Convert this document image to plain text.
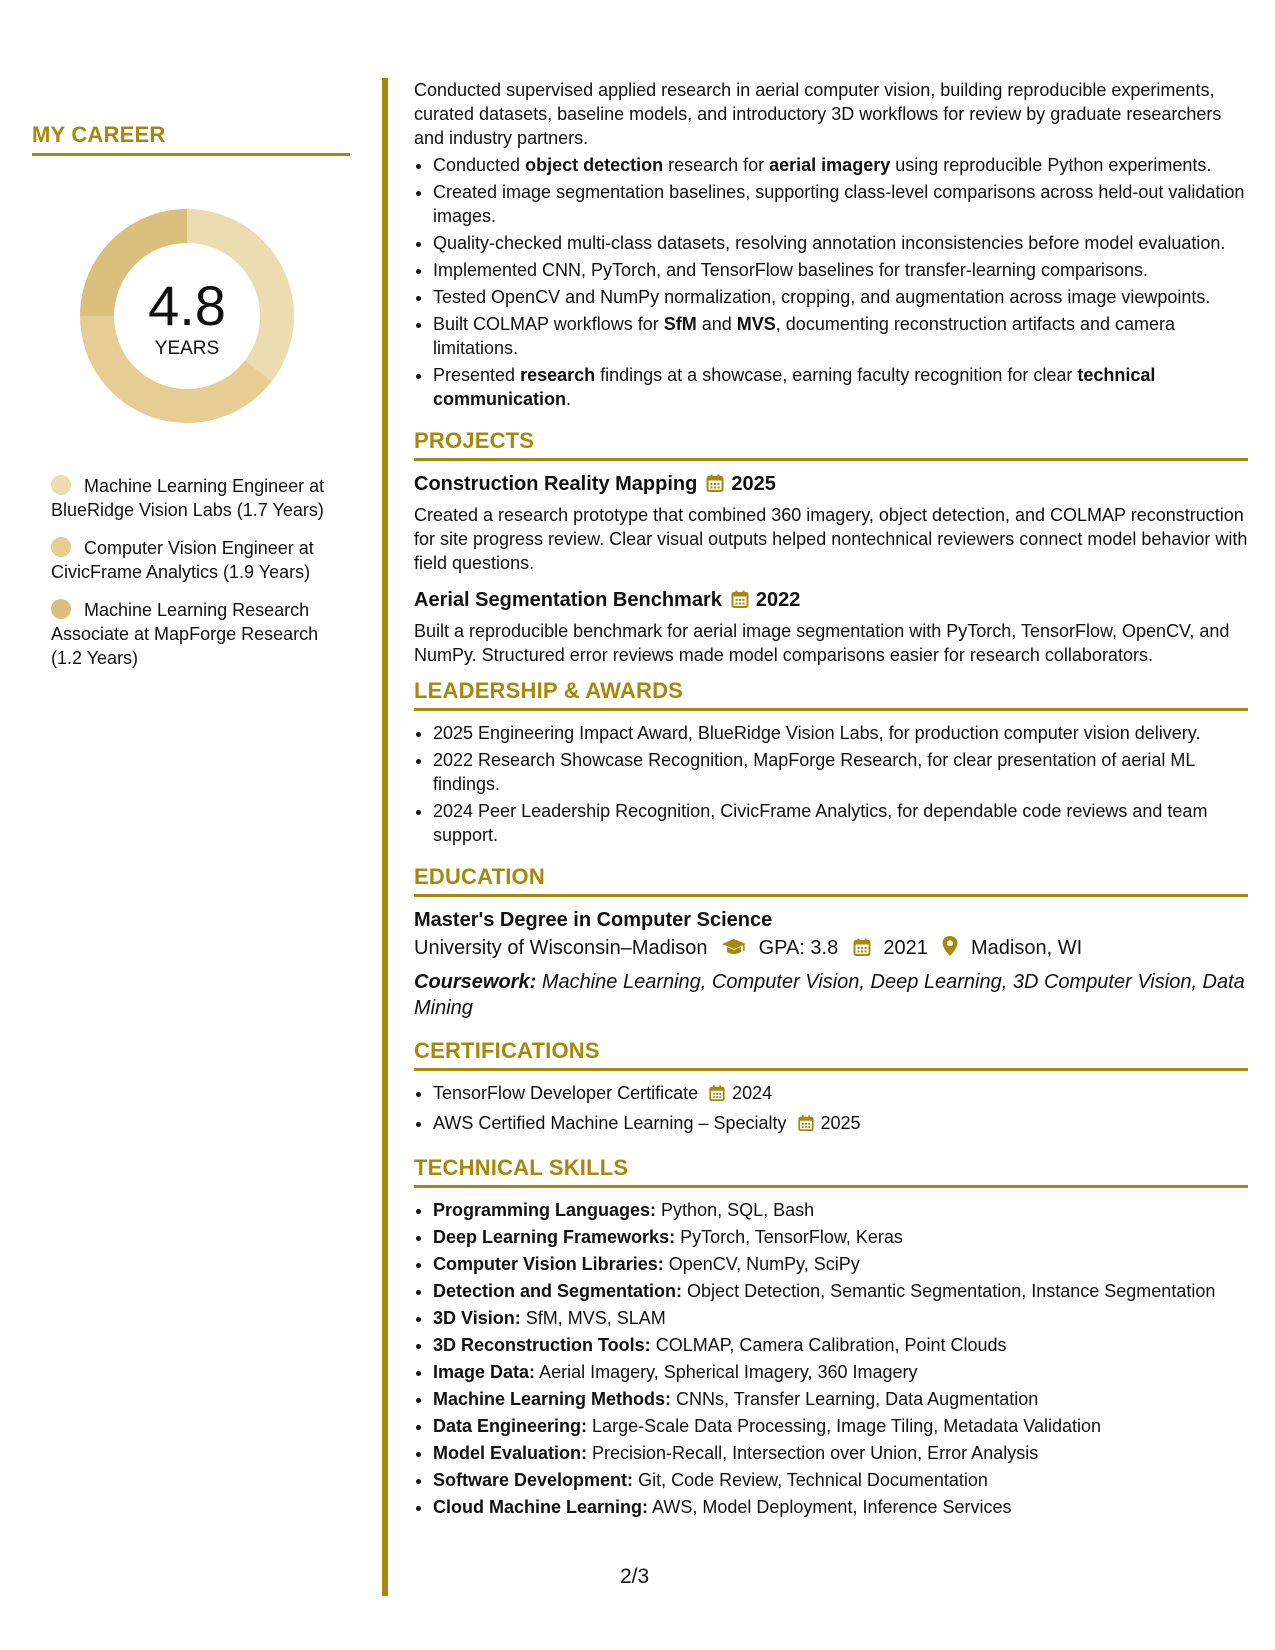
MY CAREER
4.8
YEARS
Machine Learning Engineer at BlueRidge Vision Labs (1.7 Years)
Computer Vision Engineer at CivicFrame Analytics (1.9 Years)
Machine Learning Research Associate at MapForge Research (1.2 Years)

Conducted supervised applied research in aerial computer vision, building reproducible experiments, curated datasets, baseline models, and introductory 3D workflows for review by graduate researchers and industry partners.

• Conducted object detection research for aerial imagery using reproducible Python experiments.
• Created image segmentation baselines, supporting class-level comparisons across held-out validation images.
• Quality-checked multi-class datasets, resolving annotation inconsistencies before model evaluation.
• Implemented CNN, PyTorch, and TensorFlow baselines for transfer-learning comparisons.
• Tested OpenCV and NumPy normalization, cropping, and augmentation across image viewpoints.
• Built COLMAP workflows for SfM and MVS, documenting reconstruction artifacts and camera limitations.
• Presented research findings at a showcase, earning faculty recognition for clear technical communication.
PROJECTS
Construction Reality Mapping 2025

Created a research prototype that combined 360 imagery, object detection, and COLMAP reconstruction for site progress review. Clear visual outputs helped nontechnical reviewers connect model behavior with field questions.

Aerial Segmentation Benchmark 2022

Built a reproducible benchmark for aerial image segmentation with PyTorch, TensorFlow, OpenCV, and NumPy. Structured error reviews made model comparisons easier for research collaborators.

LEADERSHIP & AWARDS
• 2025 Engineering Impact Award, BlueRidge Vision Labs, for production computer vision delivery.
• 2022 Research Showcase Recognition, MapForge Research, for clear presentation of aerial ML findings.
• 2024 Peer Leadership Recognition, CivicFrame Analytics, for dependable code reviews and team support.
EDUCATION
Master's Degree in Computer Science
University of Wisconsin–Madison	GPA: 3.8 2021 Madison, WI
Coursework: Machine Learning, Computer Vision, Deep Learning, 3D Computer Vision, Data Mining
CERTIFICATIONS
• TensorFlow Developer Certificate 2024
• AWS Certified Machine Learning – Specialty 2025
TECHNICAL SKILLS
• Programming Languages: Python, SQL, Bash
• Deep Learning Frameworks: PyTorch, TensorFlow, Keras
• Computer Vision Libraries: OpenCV, NumPy, SciPy
• Detection and Segmentation: Object Detection, Semantic Segmentation, Instance Segmentation
• 3D Vision: SfM, MVS, SLAM
• 3D Reconstruction Tools: COLMAP, Camera Calibration, Point Clouds
• Image Data: Aerial Imagery, Spherical Imagery, 360 Imagery
• Machine Learning Methods: CNNs, Transfer Learning, Data Augmentation
• Data Engineering: Large-Scale Data Processing, Image Tiling, Metadata Validation
• Model Evaluation: Precision-Recall, Intersection over Union, Error Analysis
• Software Development: Git, Code Review, Technical Documentation
• Cloud Machine Learning: AWS, Model Deployment, Inference Services
2/3
